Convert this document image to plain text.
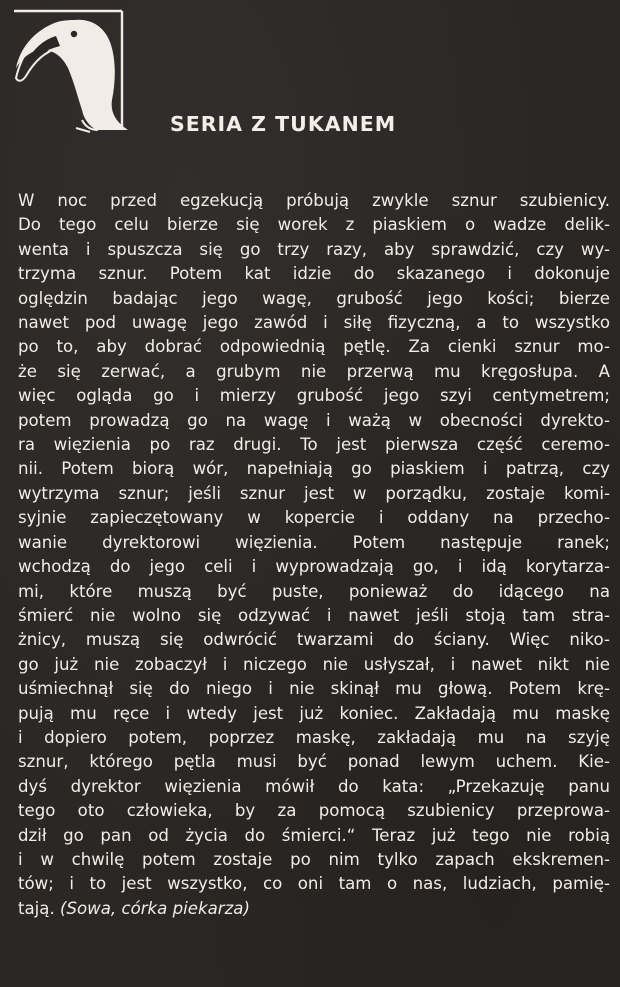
SERIA Z TUKANEM
W noc przed egzekucją próbują zwykle sznur szubienicy.
Do tego celu bierze się worek z piaskiem o wadze delik-
wenta i spuszcza się go trzy razy, aby sprawdzić, czy wy-
trzyma sznur. Potem kat idzie do skazanego i dokonuje
oględzin badając jego wagę, grubość jego kości; bierze
nawet pod uwagę jego zawód i siłę fizyczną, a to wszystko
po to, aby dobrać odpowiednią pętlę. Za cienki sznur mo-
że się zerwać, a grubym nie przerwą mu kręgosłupa. A
więc ogląda go i mierzy grubość jego szyi centymetrem;
potem prowadzą go na wagę i ważą w obecności dyrekto-
ra więzienia po raz drugi. To jest pierwsza część ceremo-
nii. Potem biorą wór, napełniają go piaskiem i patrzą, czy
wytrzyma sznur; jeśli sznur jest w porządku, zostaje komi-
syjnie zapieczętowany w kopercie i oddany na przecho-
wanie dyrektorowi więzienia. Potem następuje ranek;
wchodzą do jego celi i wyprowadzają go, i idą korytarza-
mi, które muszą być puste, ponieważ do idącego na
śmierć nie wolno się odzywać i nawet jeśli stoją tam stra-
żnicy, muszą się odwrócić twarzami do ściany. Więc niko-
go już nie zobaczył i niczego nie usłyszał, i nawet nikt nie
uśmiechnął się do niego i nie skinął mu głową. Potem krę-
pują mu ręce i wtedy jest już koniec. Zakładają mu maskę
i dopiero potem, poprzez maskę, zakładają mu na szyję
sznur, którego pętla musi być ponad lewym uchem. Kie-
dyś dyrektor więzienia mówił do kata: „Przekazuję panu
tego oto człowieka, by za pomocą szubienicy przeprowa-
dził go pan od życia do śmierci.“ Teraz już tego nie robią
i w chwilę potem zostaje po nim tylko zapach ekskremen-
tów; i to jest wszystko, co oni tam o nas, ludziach, pamię-
tają. (Sowa, córka piekarza)
